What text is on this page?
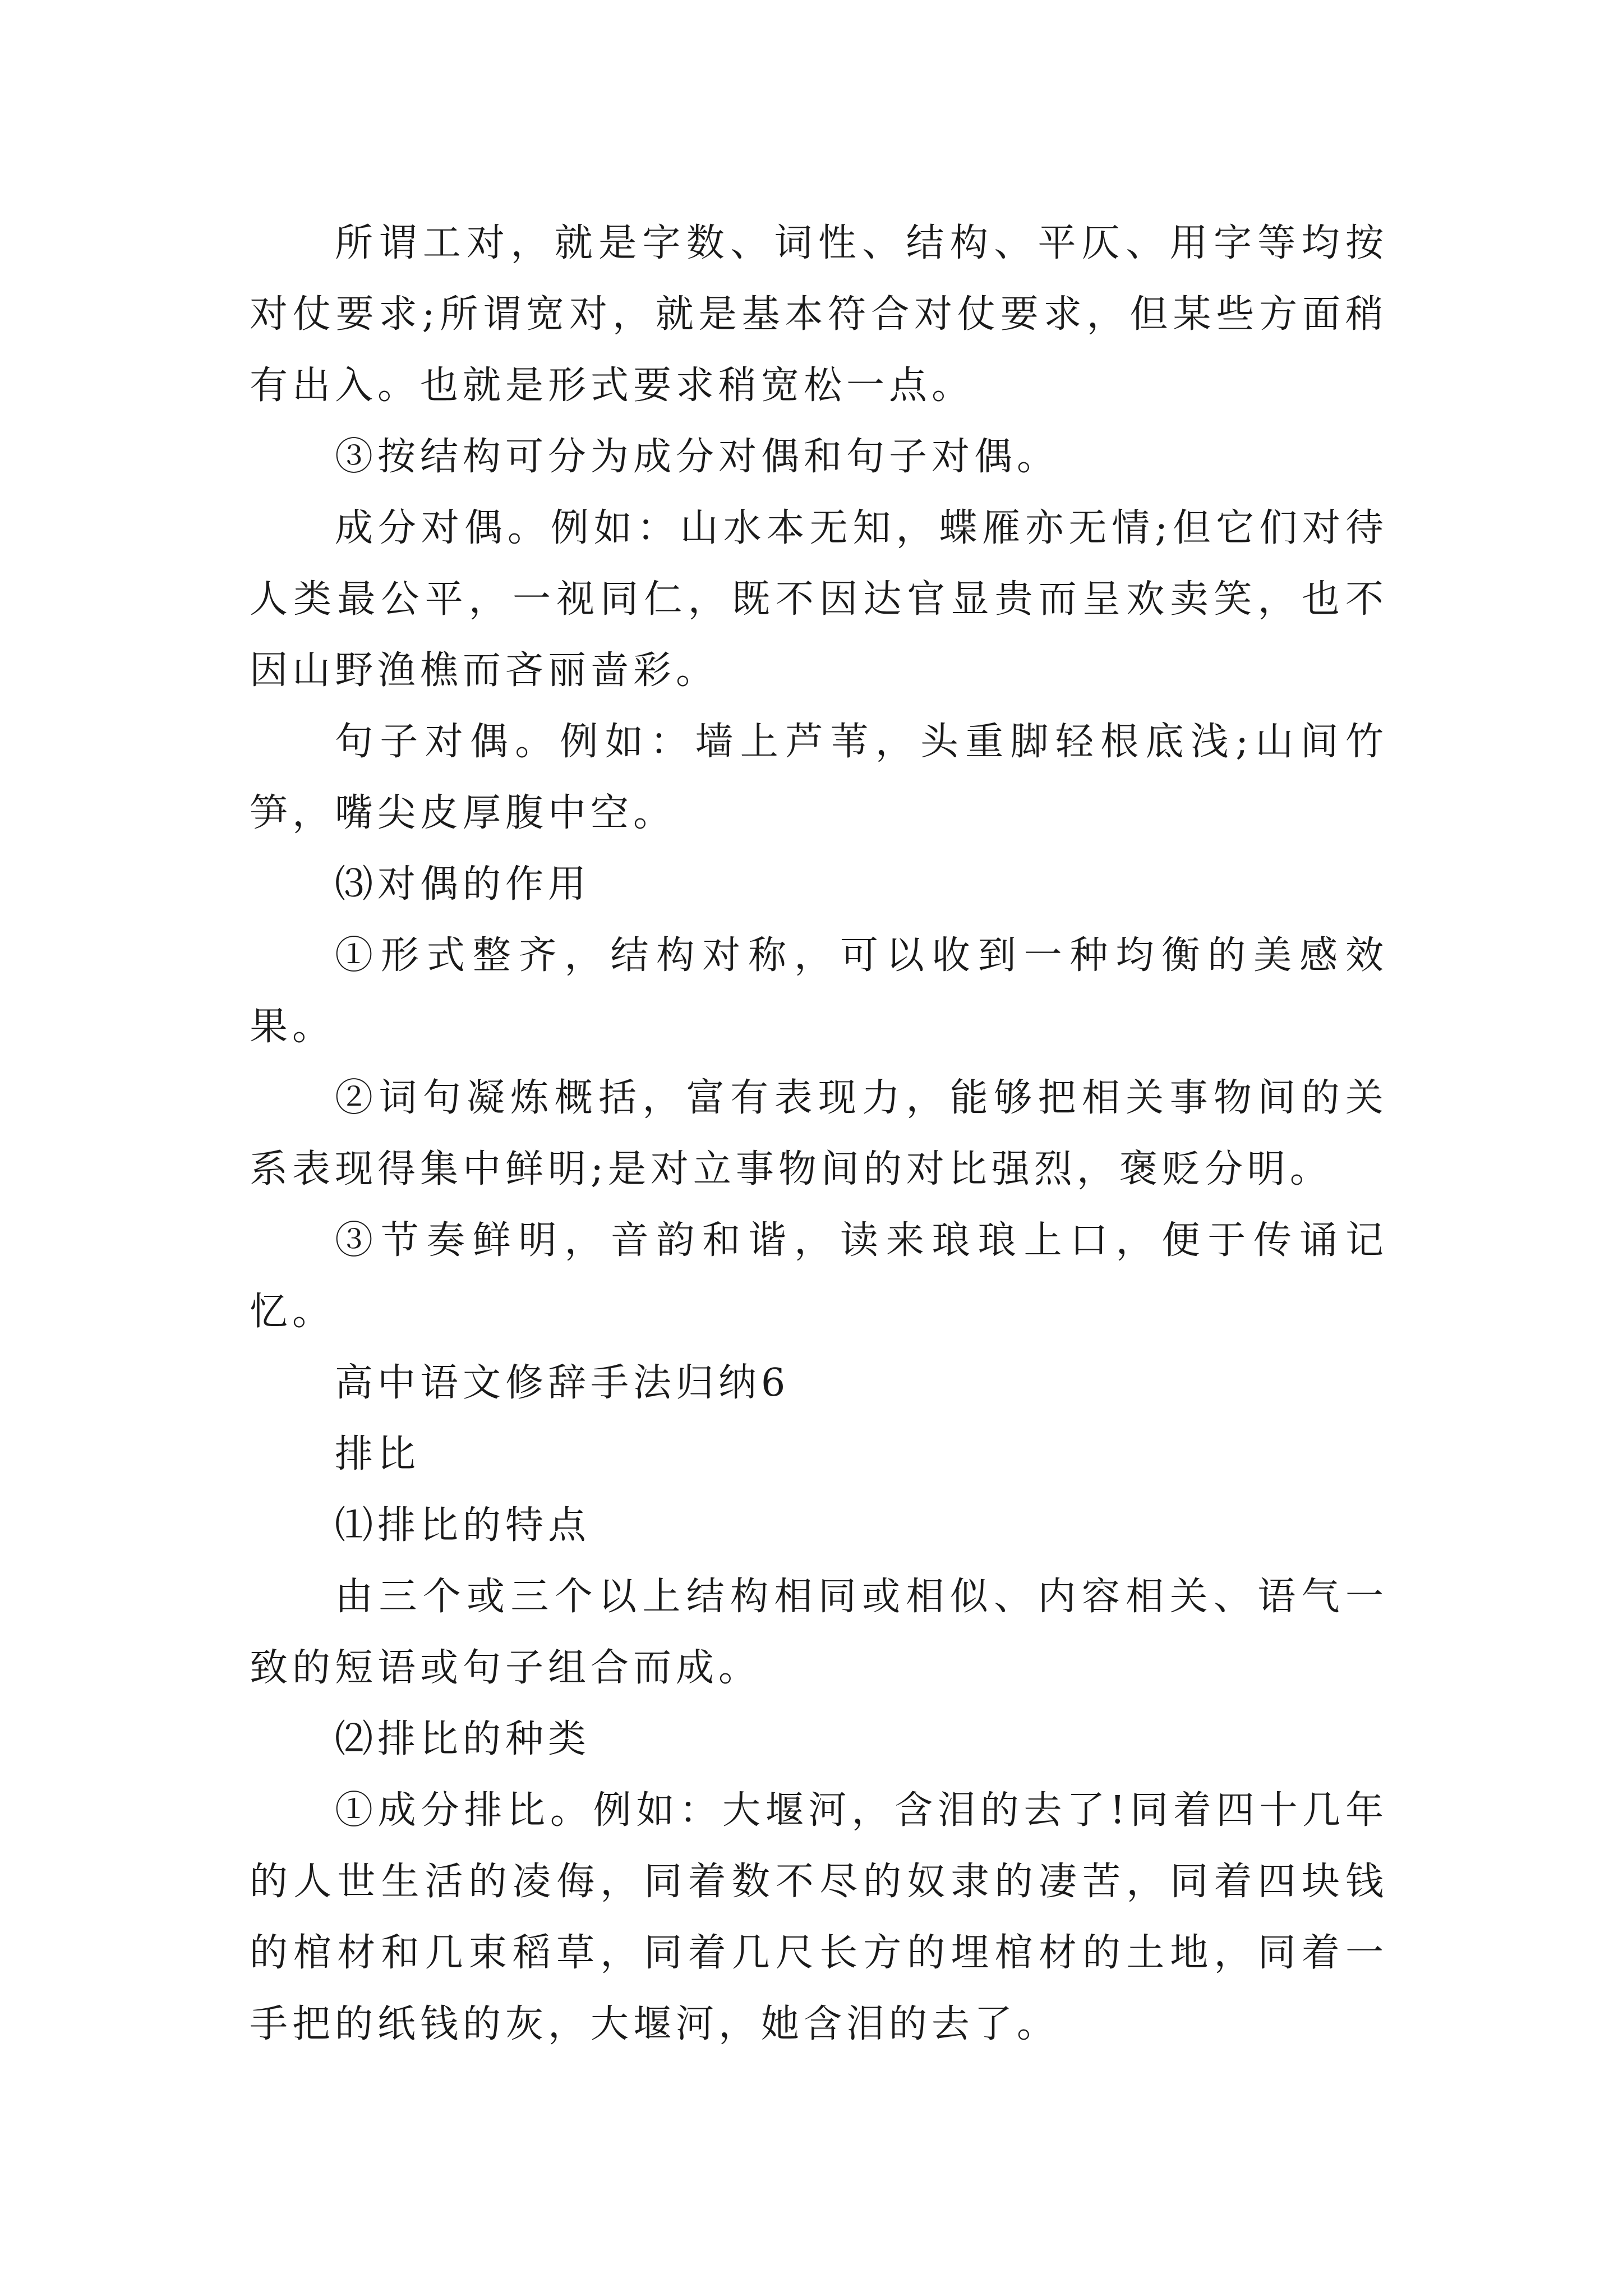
所谓工对，就是字数、词性、结构、平仄、用字等均按对仗要求;所谓宽对，就是基本符合对仗要求，但某些方面稍有出入。也就是形式要求稍宽松一点。

③按结构可分为成分对偶和句子对偶。

成分对偶。例如：山水本无知，蝶雁亦无情;但它们对待人类最公平，一视同仁，既不因达官显贵而呈欢卖笑，也不因山野渔樵而吝丽啬彩。

句子对偶。例如：墙上芦苇，头重脚轻根底浅;山间竹笋，嘴尖皮厚腹中空。

⑶对偶的作用

①形式整齐，结构对称，可以收到一种均衡的美感效果。

②词句凝炼概括，富有表现力，能够把相关事物间的关系表现得集中鲜明;是对立事物间的对比强烈，褒贬分明。

③节奏鲜明，音韵和谐，读来琅琅上口，便于传诵记忆。

高中语文修辞手法归纳6

排比

⑴排比的特点

由三个或三个以上结构相同或相似、内容相关、语气一致的短语或句子组合而成。

⑵排比的种类

①成分排比。例如：大堰河，含泪的去了!同着四十几年的人世生活的凌侮，同着数不尽的奴隶的凄苦，同着四块钱的棺材和几束稻草，同着几尺长方的埋棺材的土地，同着一手把的纸钱的灰，大堰河，她含泪的去了。
